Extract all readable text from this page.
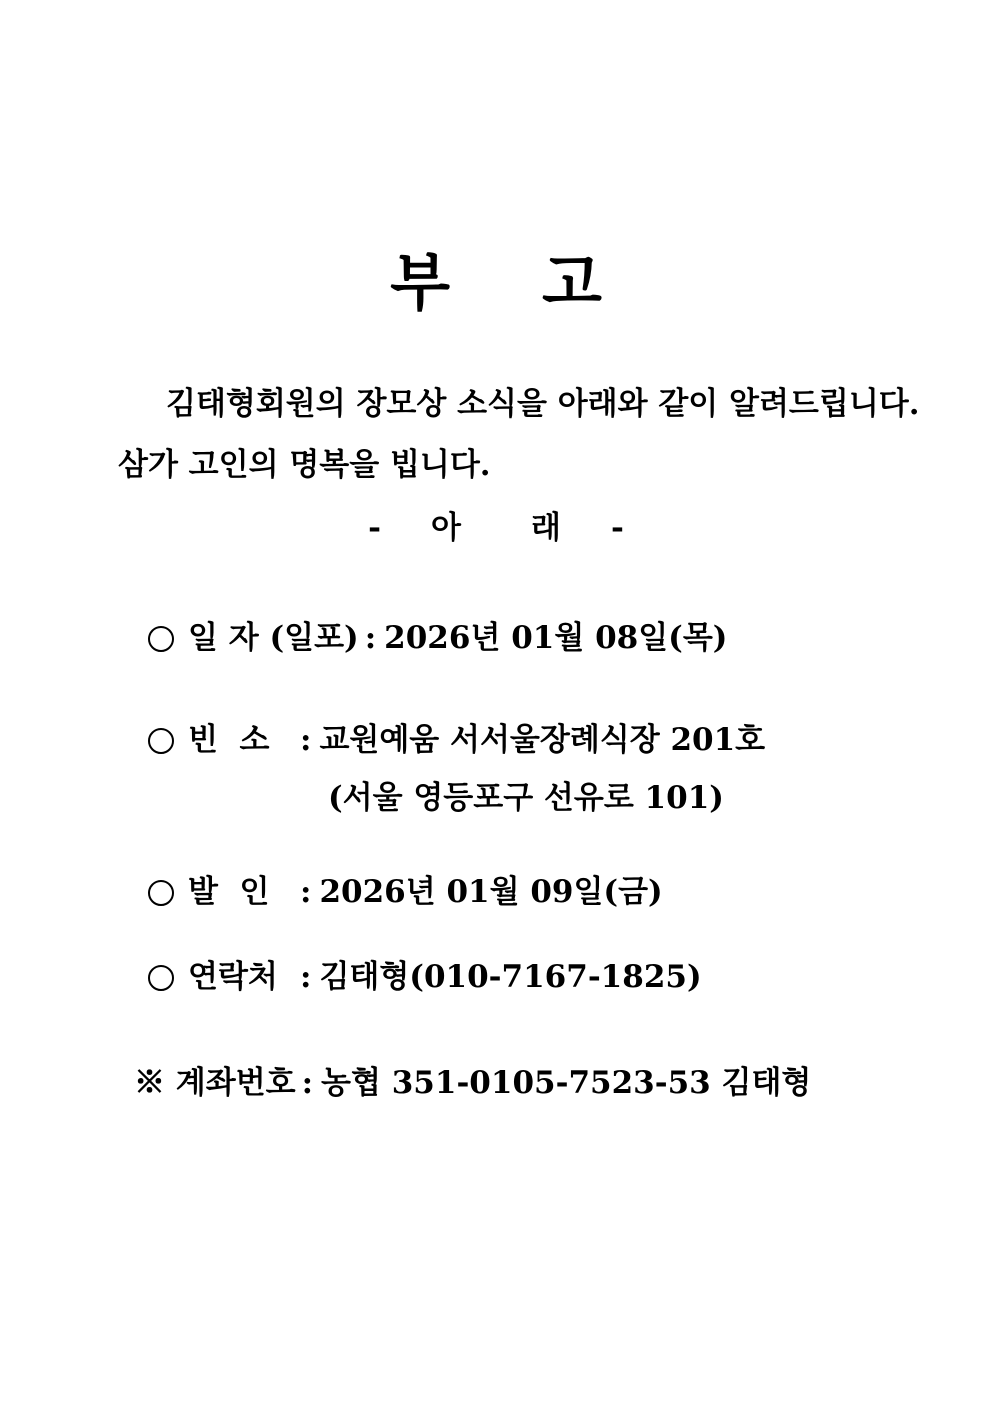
부 고
김태형회원의 장모상 소식을 아래와 같이 알려드립니다.
삼가 고인의 명복을 빕니다.
- 아 래 -
일 자 (일포) : 2026년 01월 08일(목)
빈  소 : 교원예움 서서울장례식장 201호
(서울 영등포구 선유로 101)
발  인 : 2026년 01월 09일(금)
연락처 : 김태형(010-7167-1825)
※ 계좌번호 : 농협 351-0105-7523-53 김태형
